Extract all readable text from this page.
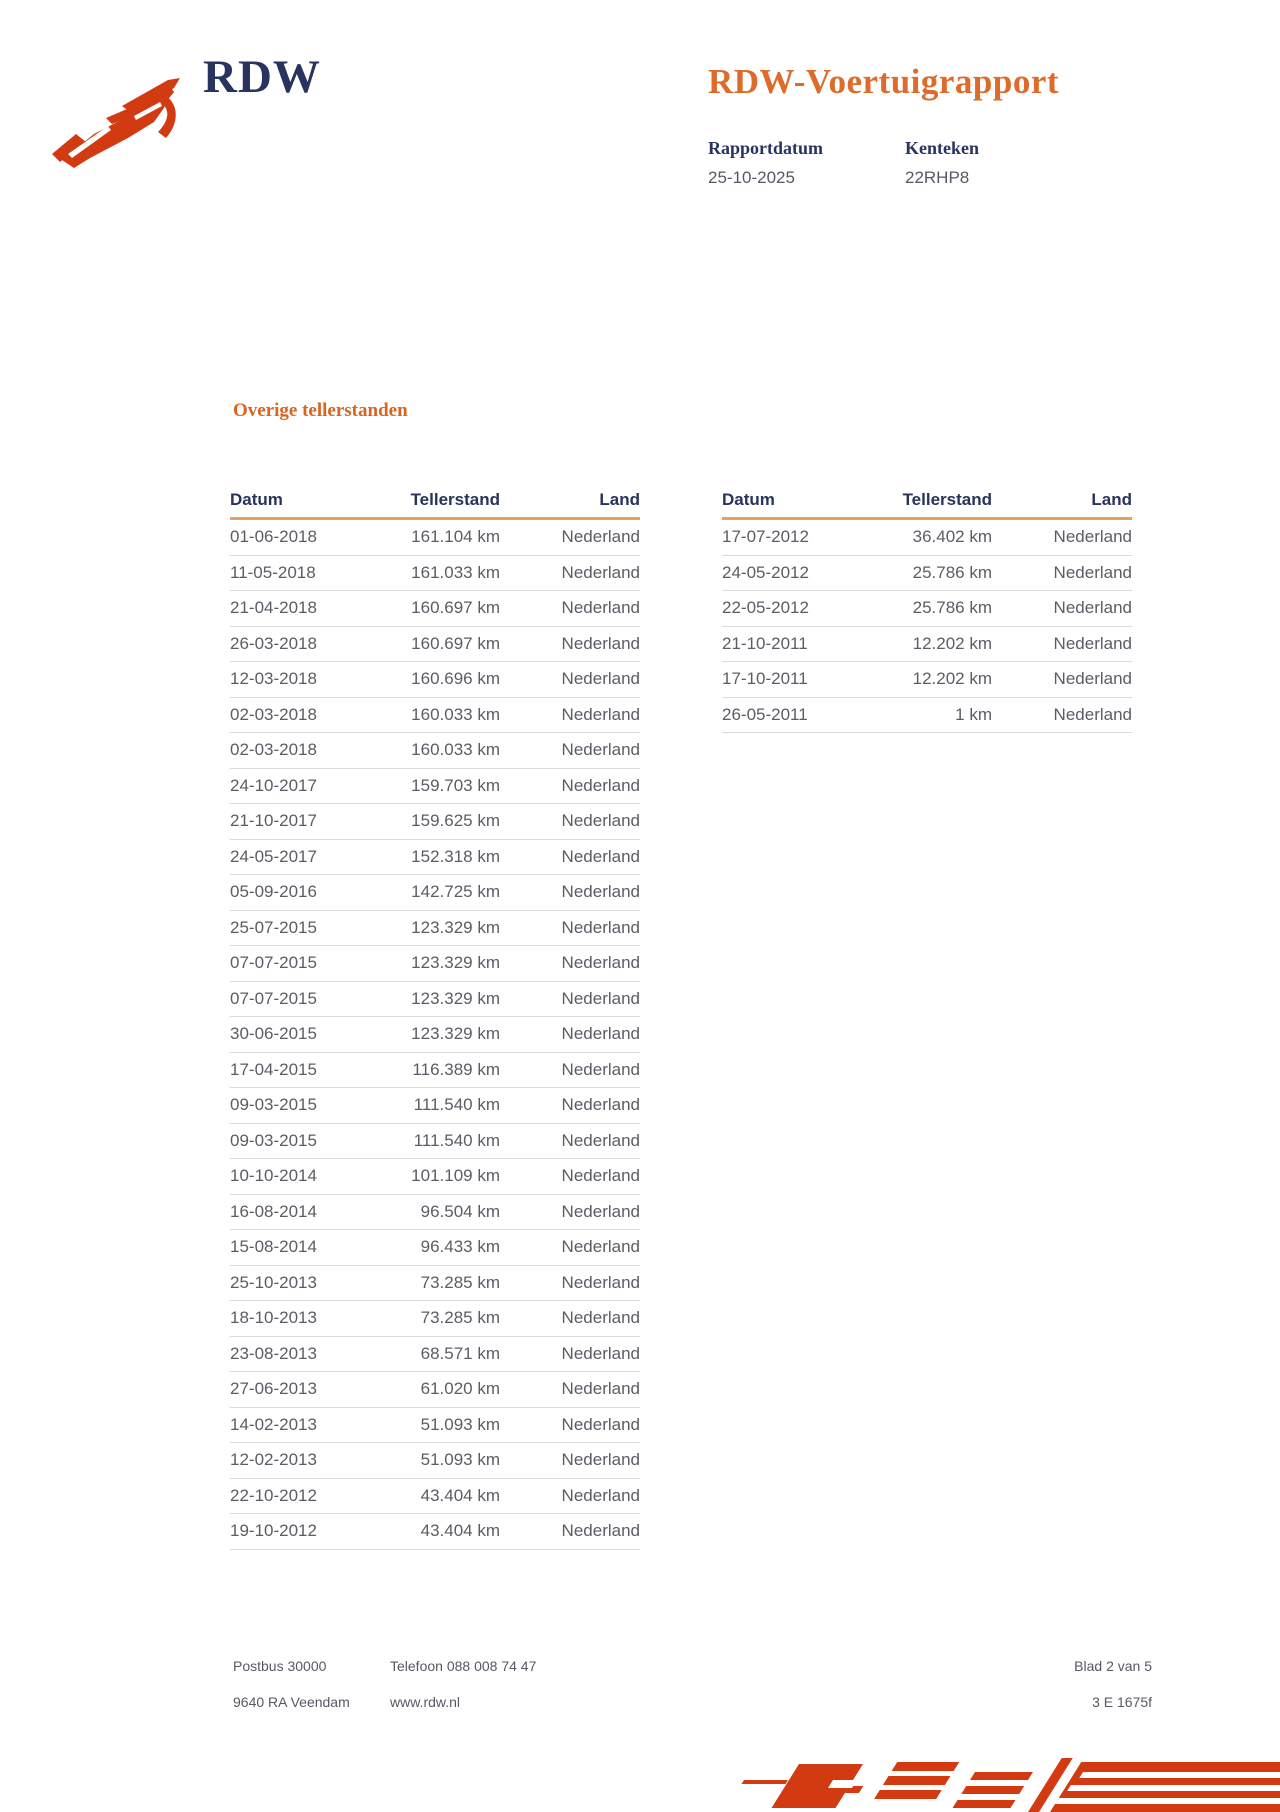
RDW	RDW-Voertuigrapport
Rapportdatum
25-10-2025
Kenteken
22RHP8
Overige tellerstanden
Datum	Tellerstand	Land
01-06-2018	161.104 km	Nederland
11-05-2018	161.033 km	Nederland
21-04-2018	160.697 km	Nederland
26-03-2018	160.697 km	Nederland
12-03-2018	160.696 km	Nederland
02-03-2018	160.033 km	Nederland
02-03-2018	160.033 km	Nederland
24-10-2017	159.703 km	Nederland
21-10-2017	159.625 km	Nederland
24-05-2017	152.318 km	Nederland
05-09-2016	142.725 km	Nederland
25-07-2015	123.329 km	Nederland
07-07-2015	123.329 km	Nederland
07-07-2015	123.329 km	Nederland
30-06-2015	123.329 km	Nederland
17-04-2015	116.389 km	Nederland
09-03-2015	111.540 km	Nederland
09-03-2015	111.540 km	Nederland
10-10-2014	101.109 km	Nederland
16-08-2014	96.504 km	Nederland
15-08-2014	96.433 km	Nederland
25-10-2013	73.285 km	Nederland
18-10-2013	73.285 km	Nederland
23-08-2013	68.571 km	Nederland
27-06-2013	61.020 km	Nederland
14-02-2013	51.093 km	Nederland
12-02-2013	51.093 km	Nederland
22-10-2012	43.404 km	Nederland
19-10-2012	43.404 km	Nederland
Datum	Tellerstand	Land
17-07-2012	36.402 km	Nederland
24-05-2012	25.786 km	Nederland
22-05-2012	25.786 km	Nederland
21-10-2011	12.202 km	Nederland
17-10-2011	12.202 km	Nederland
26-05-2011	1 km	Nederland
Postbus 30000
9640 RA Veendam
Telefoon 088 008 74 47
www.rdw.nl
Blad 2 van 5
3 E 1675f
